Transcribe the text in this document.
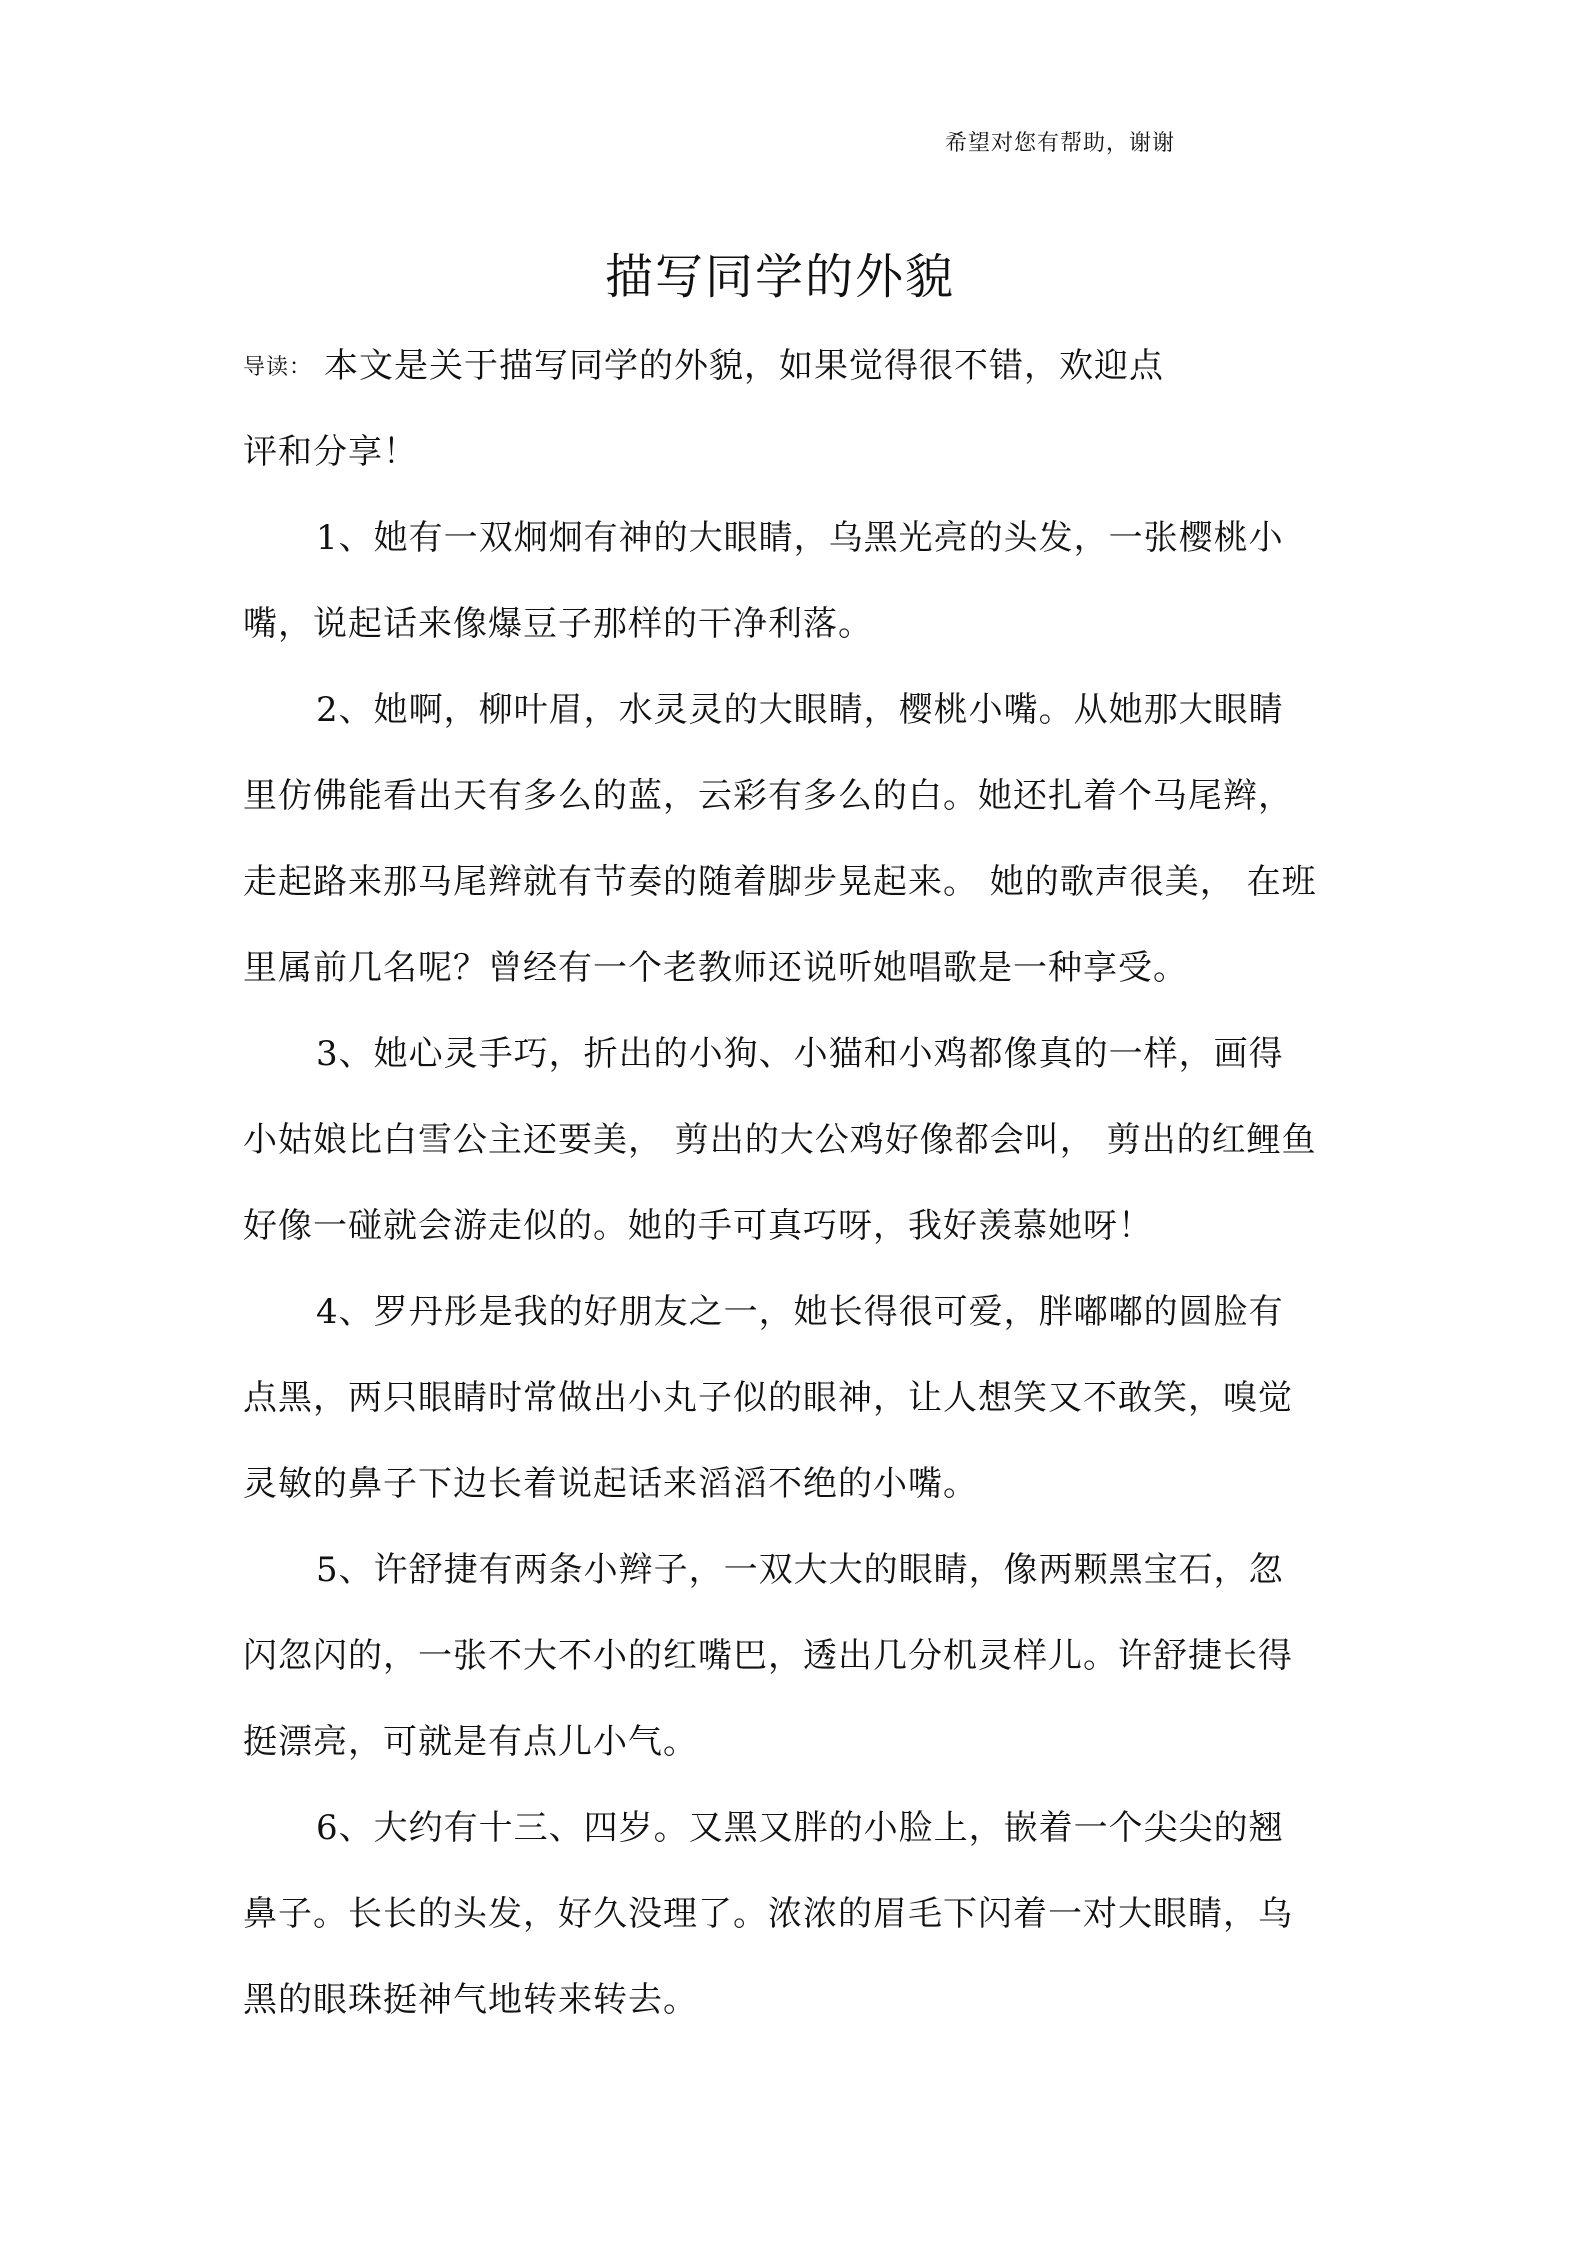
希望对您有帮助，谢谢
描写同学的外貌
导读： 本文是关于描写同学的外貌，如果觉得很不错，欢迎点
评和分享！
1、她有一双炯炯有神的大眼睛，乌黑光亮的头发，一张樱桃小
嘴，说起话来像爆豆子那样的干净利落。
2、她啊，柳叶眉，水灵灵的大眼睛，樱桃小嘴。从她那大眼睛
里仿佛能看出天有多么的蓝，云彩有多么的白。她还扎着个马尾辫，
走起路来那马尾辫就有节奏的随着脚步晃起来。 她的歌声很美， 在班
里属前几名呢？曾经有一个老教师还说听她唱歌是一种享受。
3、她心灵手巧，折出的小狗、小猫和小鸡都像真的一样，画得
小姑娘比白雪公主还要美， 剪出的大公鸡好像都会叫， 剪出的红鲤鱼
好像一碰就会游走似的。她的手可真巧呀，我好羡慕她呀！
4、罗丹彤是我的好朋友之一，她长得很可爱，胖嘟嘟的圆脸有
点黑，两只眼睛时常做出小丸子似的眼神，让人想笑又不敢笑，嗅觉
灵敏的鼻子下边长着说起话来滔滔不绝的小嘴。
5、许舒捷有两条小辫子，一双大大的眼睛，像两颗黑宝石，忽
闪忽闪的，一张不大不小的红嘴巴，透出几分机灵样儿。许舒捷长得
挺漂亮，可就是有点儿小气。
6、大约有十三、四岁。又黑又胖的小脸上，嵌着一个尖尖的翘
鼻子。长长的头发，好久没理了。浓浓的眉毛下闪着一对大眼睛，乌
黑的眼珠挺神气地转来转去。
